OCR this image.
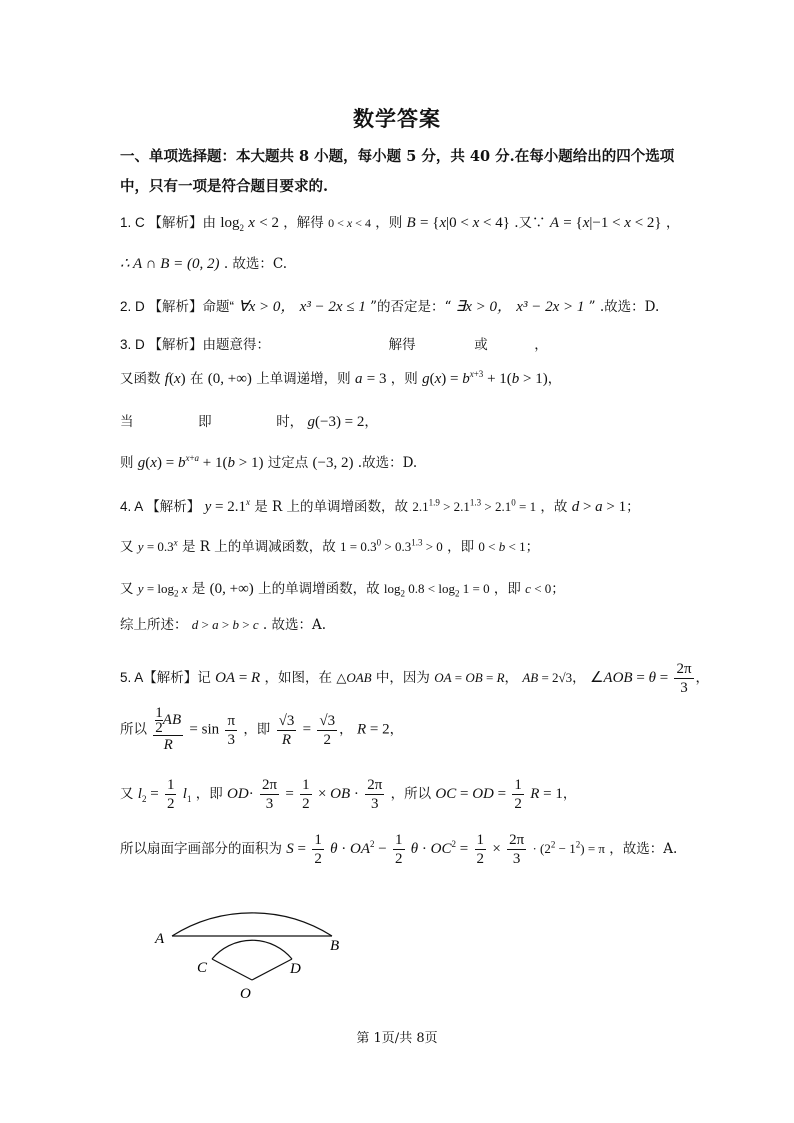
数学答案
一、单项选择题：本大题共 8 小题，每小题 5 分，共 40 分.在每小题给出的四个选项中，只有一项是符合题目要求的.
1. C 【解析】由 $\log_2 x < 2$ ，解得 0 < x < 4 ，则 B = {x|0 < x < 4} .又∵ A = {x|−1 < x < 2} ，
∴ A ∩ B = (0, 2) . 故选：C.
2. D 【解析】命题“ ∀x > 0， x³ − 2x ≤ 1 ”的否定是：“ ∃x > 0， x³ − 2x > 1 ” .故选：D.
3. D 【解析】由题意得：	解得	或	，
又函数 f(x) 在 (0, +∞) 上单调递增，则 a = 3 ，则 $g(x) = b^{x+3} + 1(b > 1)$，
当	即	时， g(−3) = 2，
则 $g(x) = b^{x+a} + 1(b > 1)$ 过定点 (−3, 2) .故选：D.
4. A 【解析】 $y = 2.1^x$ 是 R 上的单调增函数，故 $2.1^{1.9} > 2.1^{1.3} > 2.1^0 = 1$ ，故 d > a > 1；
又 $y = 0.3^x$ 是 R 上的单调减函数，故 $1 = 0.3^0 > 0.3^{1.3} > 0$ ，即 0 < b < 1；
又 $y = \log_2 x$ 是 (0, +∞) 上的单调增函数，故 $\log_2 0.8 < \log_2 1 = 0$ ，即 c < 0；
综上所述： d > a > b > c . 故选：A.
5. A【解析】记 OA = R ，如图，在 △OAB 中，因为 OA = OB = R， AB = 2√3， ∠AOB = $\theta = \frac{2\pi}{3}$ ，
所以 $\frac{\frac{1}{2} AB}{R} = \sin \frac{\pi}{3}$ ，即 $\frac{√3}{R} = \frac{√3}{2}$ ， R = 2，
又 $l_2 = \frac{1}{2} l_1$ ，即 $OD\cdot \frac{2\pi}{3} = \frac{1}{2}$ × OB · $\frac{2\pi}{3}$ ，所以 OC = OD = $\frac{1}{2}$ R = 1，
所以扇面字画部分的面积为 $S = \frac{1}{2}$ $\theta \cdot OA^2 - \frac{1}{2}$ $\theta \cdot OC^2 = \frac{1}{2} \times \frac{2\pi}{3} \cdot (2^2 - 1^2) = \pi$ ，故选：A.
A	B
C	D
O
第 1页/共 8页
